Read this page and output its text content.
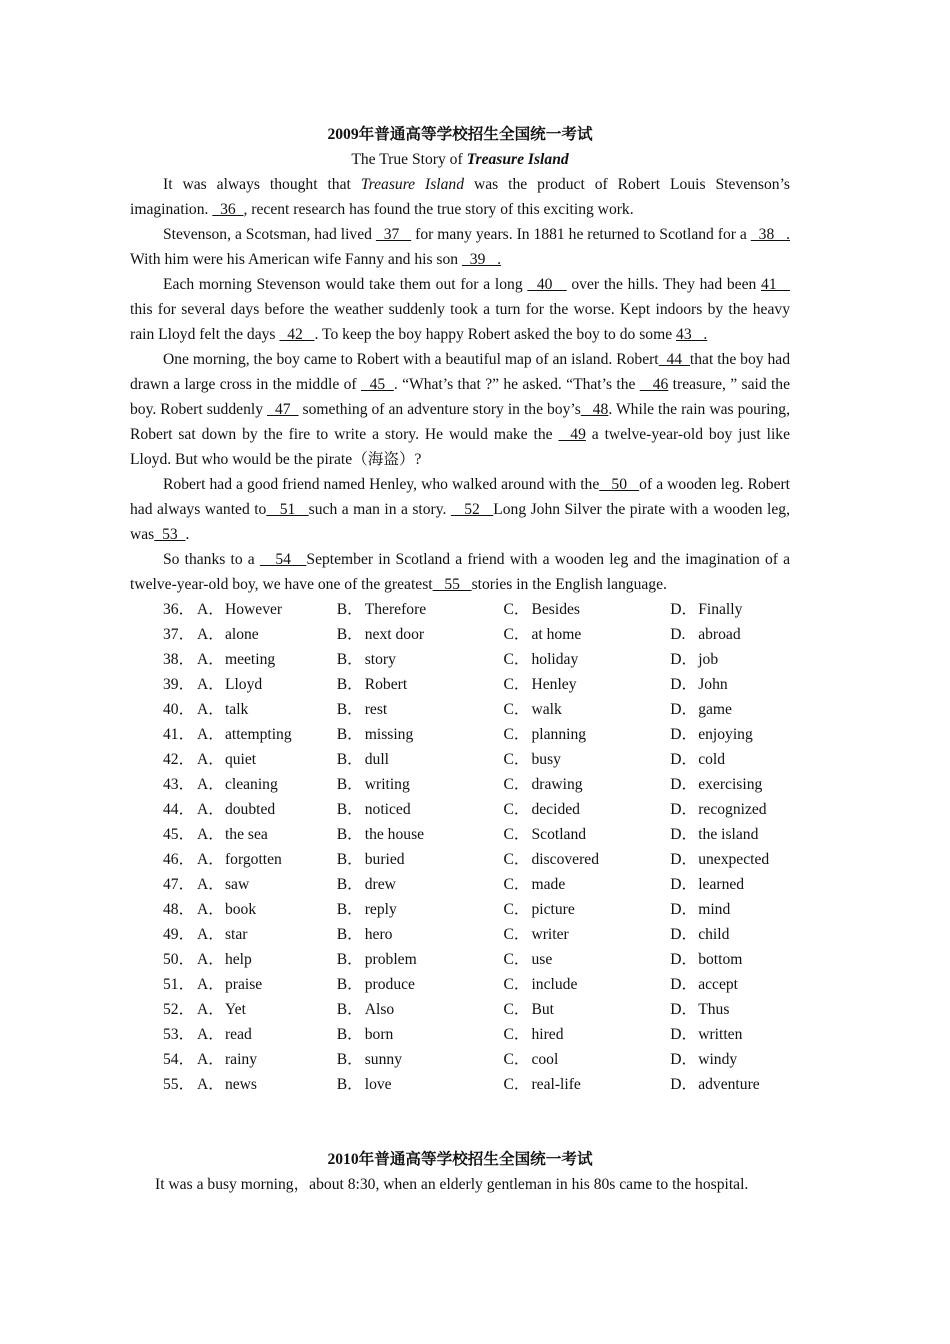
2009年普通高等学校招生全国统一考试
The True Story of Treasure Island
It was always thought that Treasure Island was the product of Robert Louis Stevenson’s imagination.   36  , recent research has found the true story of this exciting work.
Stevenson, a Scotsman, had lived   37    for many years. In 1881 he returned to Scotland for a   38   . With him were his American wife Fanny and his son   39   .
Each morning Stevenson would take them out for a long   40    over the hills. They had been 41    this for several days before the weather suddenly took a turn for the worse. Kept indoors by the heavy rain Lloyd felt the days   42   . To keep the boy happy Robert asked the boy to do some 43   .
One morning, the boy came to Robert with a beautiful map of an island. Robert  44  that the boy had drawn a large cross in the middle of   45  . “What’s that ?” he asked. “That’s the    46 treasure, ” said the boy. Robert suddenly   47   something of an adventure story in the boy’s   48. While the rain was pouring, Robert sat down by the fire to write a story. He would make the   49 a twelve-year-old boy just like Lloyd. But who would be the pirate（海盗）?
Robert had a good friend named Henley, who walked around with the   50   of a wooden leg. Robert had always wanted to   51   such a man in a story.    52   Long John Silver the pirate with a wooden leg, was  53  .
So thanks to a    54   September in Scotland a friend with a wooden leg and the imagination of a twelve-year-old boy, we have one of the greatest   55   stories in the English language.
36． A．However	B． Therefore	C． Besides	D．Finally
37． A．alone	B． next door	C． at home	D. abroad
38． A．meeting	B． story	C． holiday	D．job
39． A．Lloyd	B． Robert	C． Henley	D．John
40． A．talk	B． rest	C． walk	D．game
41． A．attempting	B． missing	C． planning	D．enjoying
42． A．quiet	B． dull	C． busy	D．cold
43． A．cleaning	B． writing	C． drawing	D．exercising
44． A．doubted	B． noticed	C． decided	D．recognized
45． A．the sea	B． the house	C． Scotland	D．the island
46． A．forgotten	B． buried	C． discovered	D．unexpected
47． A．saw	B． drew	C． made	D．learned
48． A．book	B． reply	C． picture	D．mind
49． A．star	B． hero	C． writer	D．child
50． A．help	B． problem	C． use	D．bottom
51． A．praise	B． produce	C． include	D．accept
52． A．Yet	B． Also	C． But	D．Thus
53． A．read	B． born	C． hired	D．written
54． A．rainy	B． sunny	C． cool	D．windy
55． A．news	B． love	C． real-life	D．adventure
2010年普通高等学校招生全国统一考试
It was a busy morning，about 8:30, when an elderly gentleman in his 80s came to the hospital.
